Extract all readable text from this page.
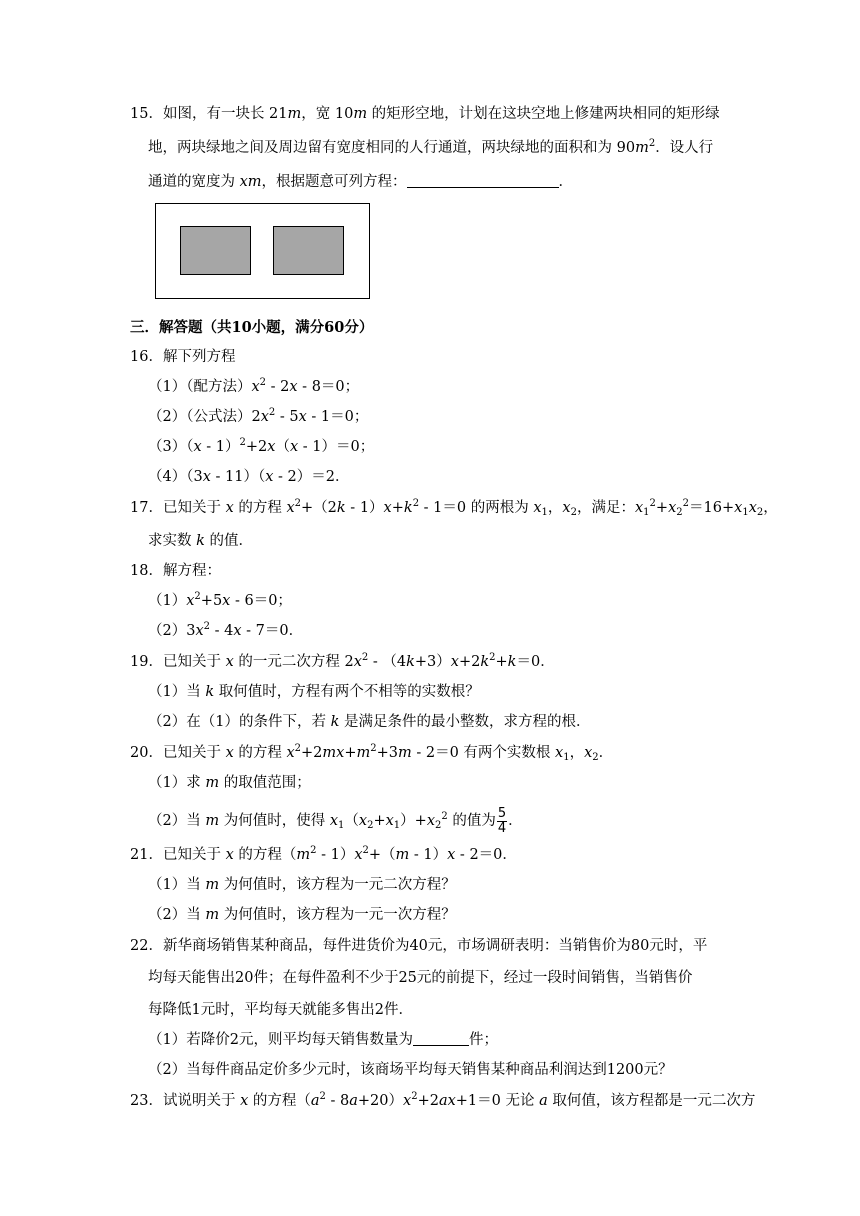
15．如图，有一块长 21m，宽 10m 的矩形空地，计划在这块空地上修建两块相同的矩形绿
地，两块绿地之间及周边留有宽度相同的人行通道，两块绿地的面积和为 $90m^2$．设人行
通道的宽度为 xm，根据题意可列方程：	．
三．解答题（共10小题，满分60分）
16．解下列方程
（1）（配方法）$x^2 - 2x - 8=0$；
（2）（公式法）$2x^2 - 5x - 1=0$；
（3）（x - 1）$^2$+2x（x - 1）＝0；
（4）（3x - 11）（x - 2）＝2．
17．已知关于 x 的方程 $x^2+(2k - 1)x+k^2 - 1=0$ 的两根为 $x_1$，$x_2$，满足：$x_1^2+x_2^2=16+x_1x_2$，
求实数 k 的值．
18．解方程：
$(1)x^2+5x - 6=0$；
$(2)3x^2 - 4x - 7=0$．
19．已知关于 x 的一元二次方程 $2x^2 - (4k+3)x+2k^2+k=0$．
（1）当 k 取何值时，方程有两个不相等的实数根？
（2）在（1）的条件下，若 k 是满足条件的最小整数，求方程的根．
20．已知关于 x 的方程 $x^2+2mx+m^2+3m - 2=0$ 有两个实数根 $x_1$，$x_2$．
（1）求 m 的取值范围；
（2）当 m 为何值时，使得 $x_1(x_2+x_1)+x_2^2$ 的值为 $\frac{5}{4}$ ．
21．已知关于 x 的方程$(m^2 - 1)x^2+(m - 1)x - 2=0$．
（1）当 m 为何值时，该方程为一元二次方程？
（2）当 m 为何值时，该方程为一元一次方程？
22．新华商场销售某种商品，每件进货价为40元，市场调研表明：当销售价为80元时，平
均每天能售出20件；在每件盈利不少于25元的前提下，经过一段时间销售，当销售价
每降低1元时，平均每天就能多售出2件．
（1）若降价2元，则平均每天销售数量为	件；
（2）当每件商品定价多少元时，该商场平均每天销售某种商品利润达到1200元？
23．试说明关于 x 的方程$(a^2 - 8a+20)x^2+2ax+1=0$ 无论 a 取何值，该方程都是一元二次方
